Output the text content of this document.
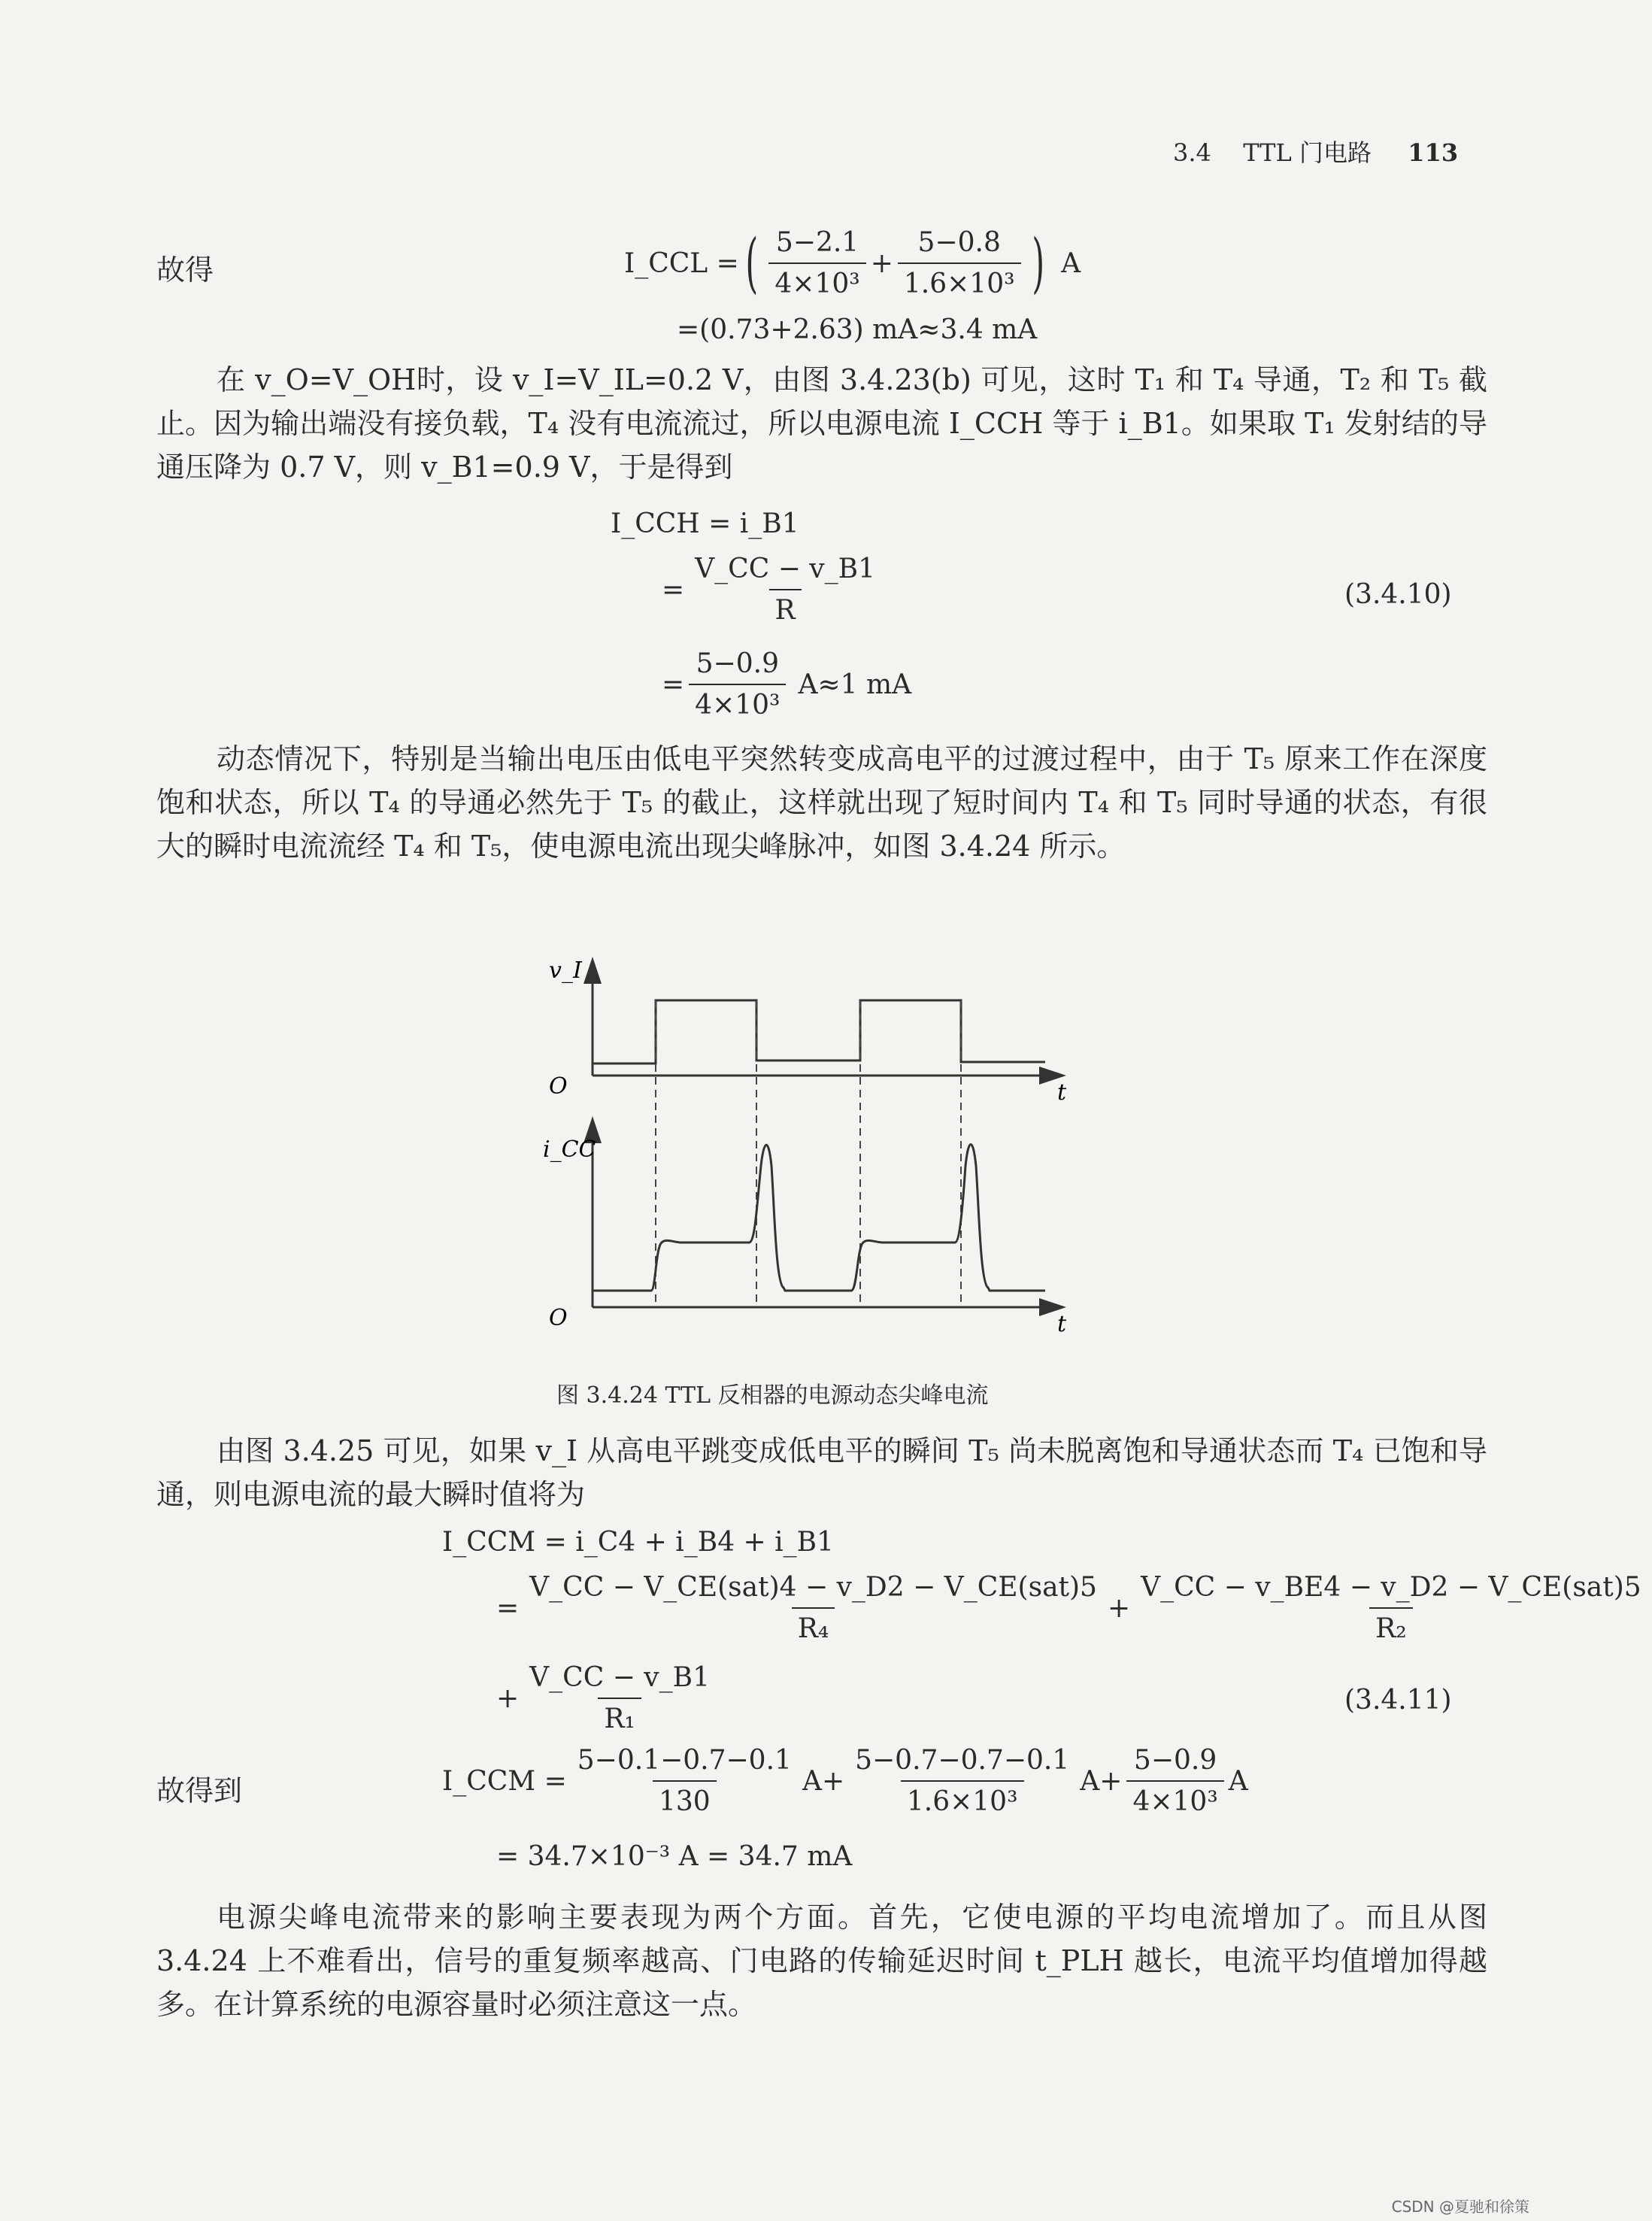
3.4 TTL 门电路 113
故得	I_CCL = ( $\frac{5-2.1}{\text{4×10³}} + \frac{5-0.8}{\text{1.6×10³}}$ ) A
=(0.73+2.63) mA≈3.4 mA

在 v_O=V_OH时，设 v_I=V_IL=0.2 V，由图 3.4.23(b) 可见，这时 T₁ 和 T₄ 导通，T₂ 和 T₅ 截止。因为输出端没有接负载，T₄ 没有电流流过，所以电源电流 I_CCH 等于 i_B1。如果取 T₁ 发射结的导通压降为 0.7 V，则 v_B1=0.9 V，于是得到

I_CCH = i_B1
= $\frac{V\_CC - v\_B1}{R}$	(3.4.10)
= $\frac{5-0.9}{\text{4×10³}} A\approx 1$ mA

动态情况下，特别是当输出电压由低电平突然转变成高电平的过渡过程中，由于 T₅ 原来工作在深度饱和状态，所以 T₄ 的导通必然先于 T₅ 的截止，这样就出现了短时间内 T₄ 和 T₅ 同时导通的状态，有很大的瞬时电流流经 T₄ 和 T₅，使电源电流出现尖峰脉冲，如图 3.4.24 所示。

v_I
O	t
i_CC
O	t
图 3.4.24 TTL 反相器的电源动态尖峰电流

由图 3.4.25 可见，如果 v_I 从高电平跳变成低电平的瞬间 T₅ 尚未脱离饱和导通状态而 T₄ 已饱和导通，则电源电流的最大瞬时值将为

I_CCM = i_C4 + i_B4 + i_B1
= $\frac{\text{V\_CC − V\_CE(sat)4 − v\_D2 − V\_CE(sat)5}}{\text{R₄}} + \frac{\text{V\_CC − v\_BE4 − v\_D2 − V\_CE(sat)5}}{\text{R₂}}$
+ $\frac{V\_CC - v\_B1}{\text{R₁}}$	(3.4.11)
故得到	I_CCM = $\frac{5-0.1-0.7-0.1}{130}$ $A + \frac{5-0.7-0.7-0.1}{\text{1.6×10³}}$ $A + \frac{5-0.9}{\text{4×10³}}$ A
= 34.7×10⁻³ A = 34.7 mA

电源尖峰电流带来的影响主要表现为两个方面。首先，它使电源的平均电流增加了。而且从图 3.4.24 上不难看出，信号的重复频率越高、门电路的传输延迟时间 t_PLH 越长，电流平均值增加得越多。在计算系统的电源容量时必须注意这一点。

CSDN @夏驰和徐策
